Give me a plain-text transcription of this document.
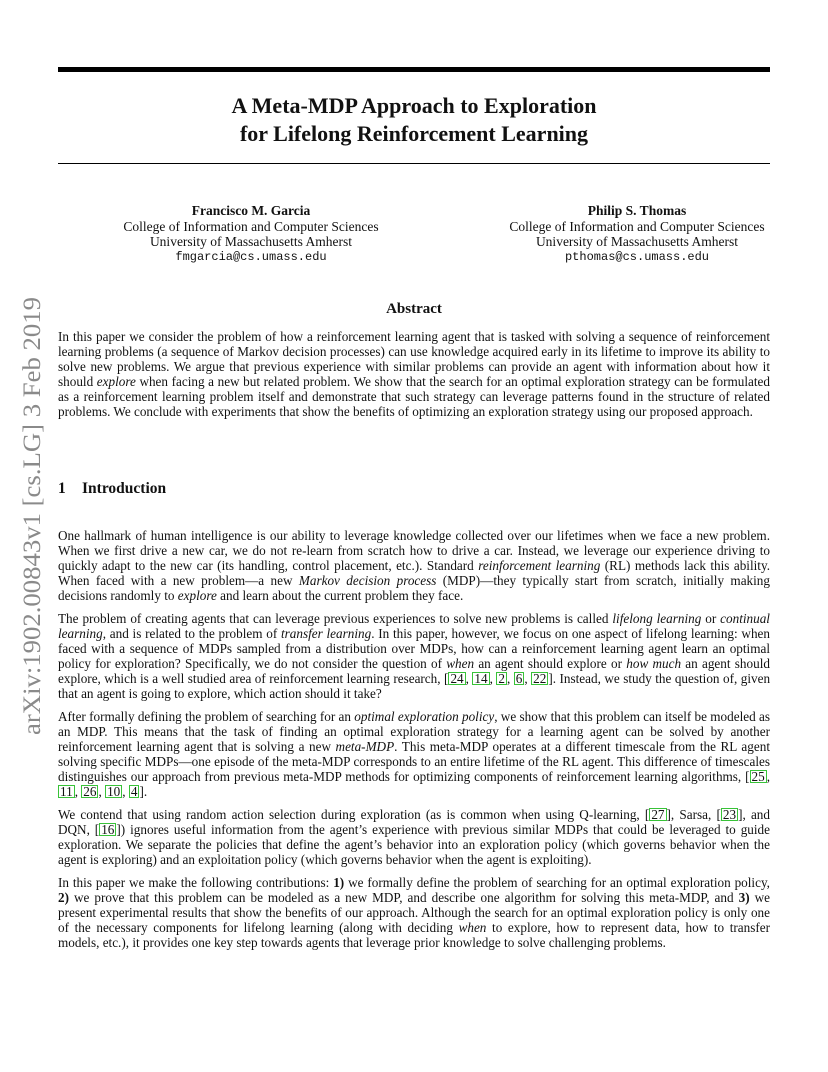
arXiv:1902.00843v1 [cs.LG] 3 Feb 2019
A Meta-MDP Approach to Exploration
for Lifelong Reinforcement Learning
Francisco M. Garcia
College of Information and Computer Sciences
University of Massachusetts Amherst
fmgarcia@cs.umass.edu
Philip S. Thomas
College of Information and Computer Sciences
University of Massachusetts Amherst
pthomas@cs.umass.edu
Abstract
In this paper we consider the problem of how a reinforcement learning agent that is tasked with solving a sequence of reinforcement learning problems (a sequence of Markov decision processes) can use knowledge acquired early in its lifetime to improve its ability to solve new problems. We argue that previous experience with similar problems can provide an agent with information about how it should explore when facing a new but related problem. We show that the search for an optimal exploration strategy can be formulated as a reinforcement learning problem itself and demonstrate that such strategy can leverage patterns found in the structure of related problems. We conclude with experiments that show the benefits of optimizing an exploration strategy using our proposed approach.
1 Introduction

One hallmark of human intelligence is our ability to leverage knowledge collected over our lifetimes when we face a new problem. When we first drive a new car, we do not re-learn from scratch how to drive a car. Instead, we leverage our experience driving to quickly adapt to the new car (its handling, control placement, etc.). Standard reinforcement learning (RL) methods lack this ability. When faced with a new problem—a new Markov decision process (MDP)—they typically start from scratch, initially making decisions randomly to explore and learn about the current problem they face.

The problem of creating agents that can leverage previous experiences to solve new problems is called lifelong learning or continual learning, and is related to the problem of transfer learning. In this paper, however, we focus on one aspect of lifelong learning: when faced with a sequence of MDPs sampled from a distribution over MDPs, how can a reinforcement learning agent learn an optimal policy for exploration? Specifically, we do not consider the question of when an agent should explore or how much an agent should explore, which is a well studied area of reinforcement learning research, [ 24 , 14 , 2 , 6 , 22 ]. Instead, we study the question of, given that an agent is going to explore, which action should it take?

After formally defining the problem of searching for an optimal exploration policy, we show that this problem can itself be modeled as an MDP. This means that the task of finding an optimal exploration strategy for a learning agent can be solved by another reinforcement learning agent that is solving a new meta-MDP. This meta-MDP operates at a different timescale from the RL agent solving specific MDPs—one episode of the meta-MDP corresponds to an entire lifetime of the RL agent. This difference of timescales distinguishes our approach from previous meta-MDP methods for optimizing components of reinforcement learning algorithms, [ 25 , 11 , 26 , 10 , 4 ].

We contend that using random action selection during exploration (as is common when using Q-learning, [ 27 ], Sarsa, [ 23 ], and DQN, [ 16 ]) ignores useful information from the agent’s experience with previous similar MDPs that could be leveraged to guide exploration. We separate the policies that define the agent’s behavior into an exploration policy (which governs behavior when the agent is exploring) and an exploitation policy (which governs behavior when the agent is exploiting).

In this paper we make the following contributions: 1) we formally define the problem of searching for an optimal exploration policy, 2) we prove that this problem can be modeled as a new MDP, and describe one algorithm for solving this meta-MDP, and 3) we present experimental results that show the benefits of our approach. Although the search for an optimal exploration policy is only one of the necessary components for lifelong learning (along with deciding when to explore, how to represent data, how to transfer models, etc.), it provides one key step towards agents that leverage prior knowledge to solve challenging problems.
